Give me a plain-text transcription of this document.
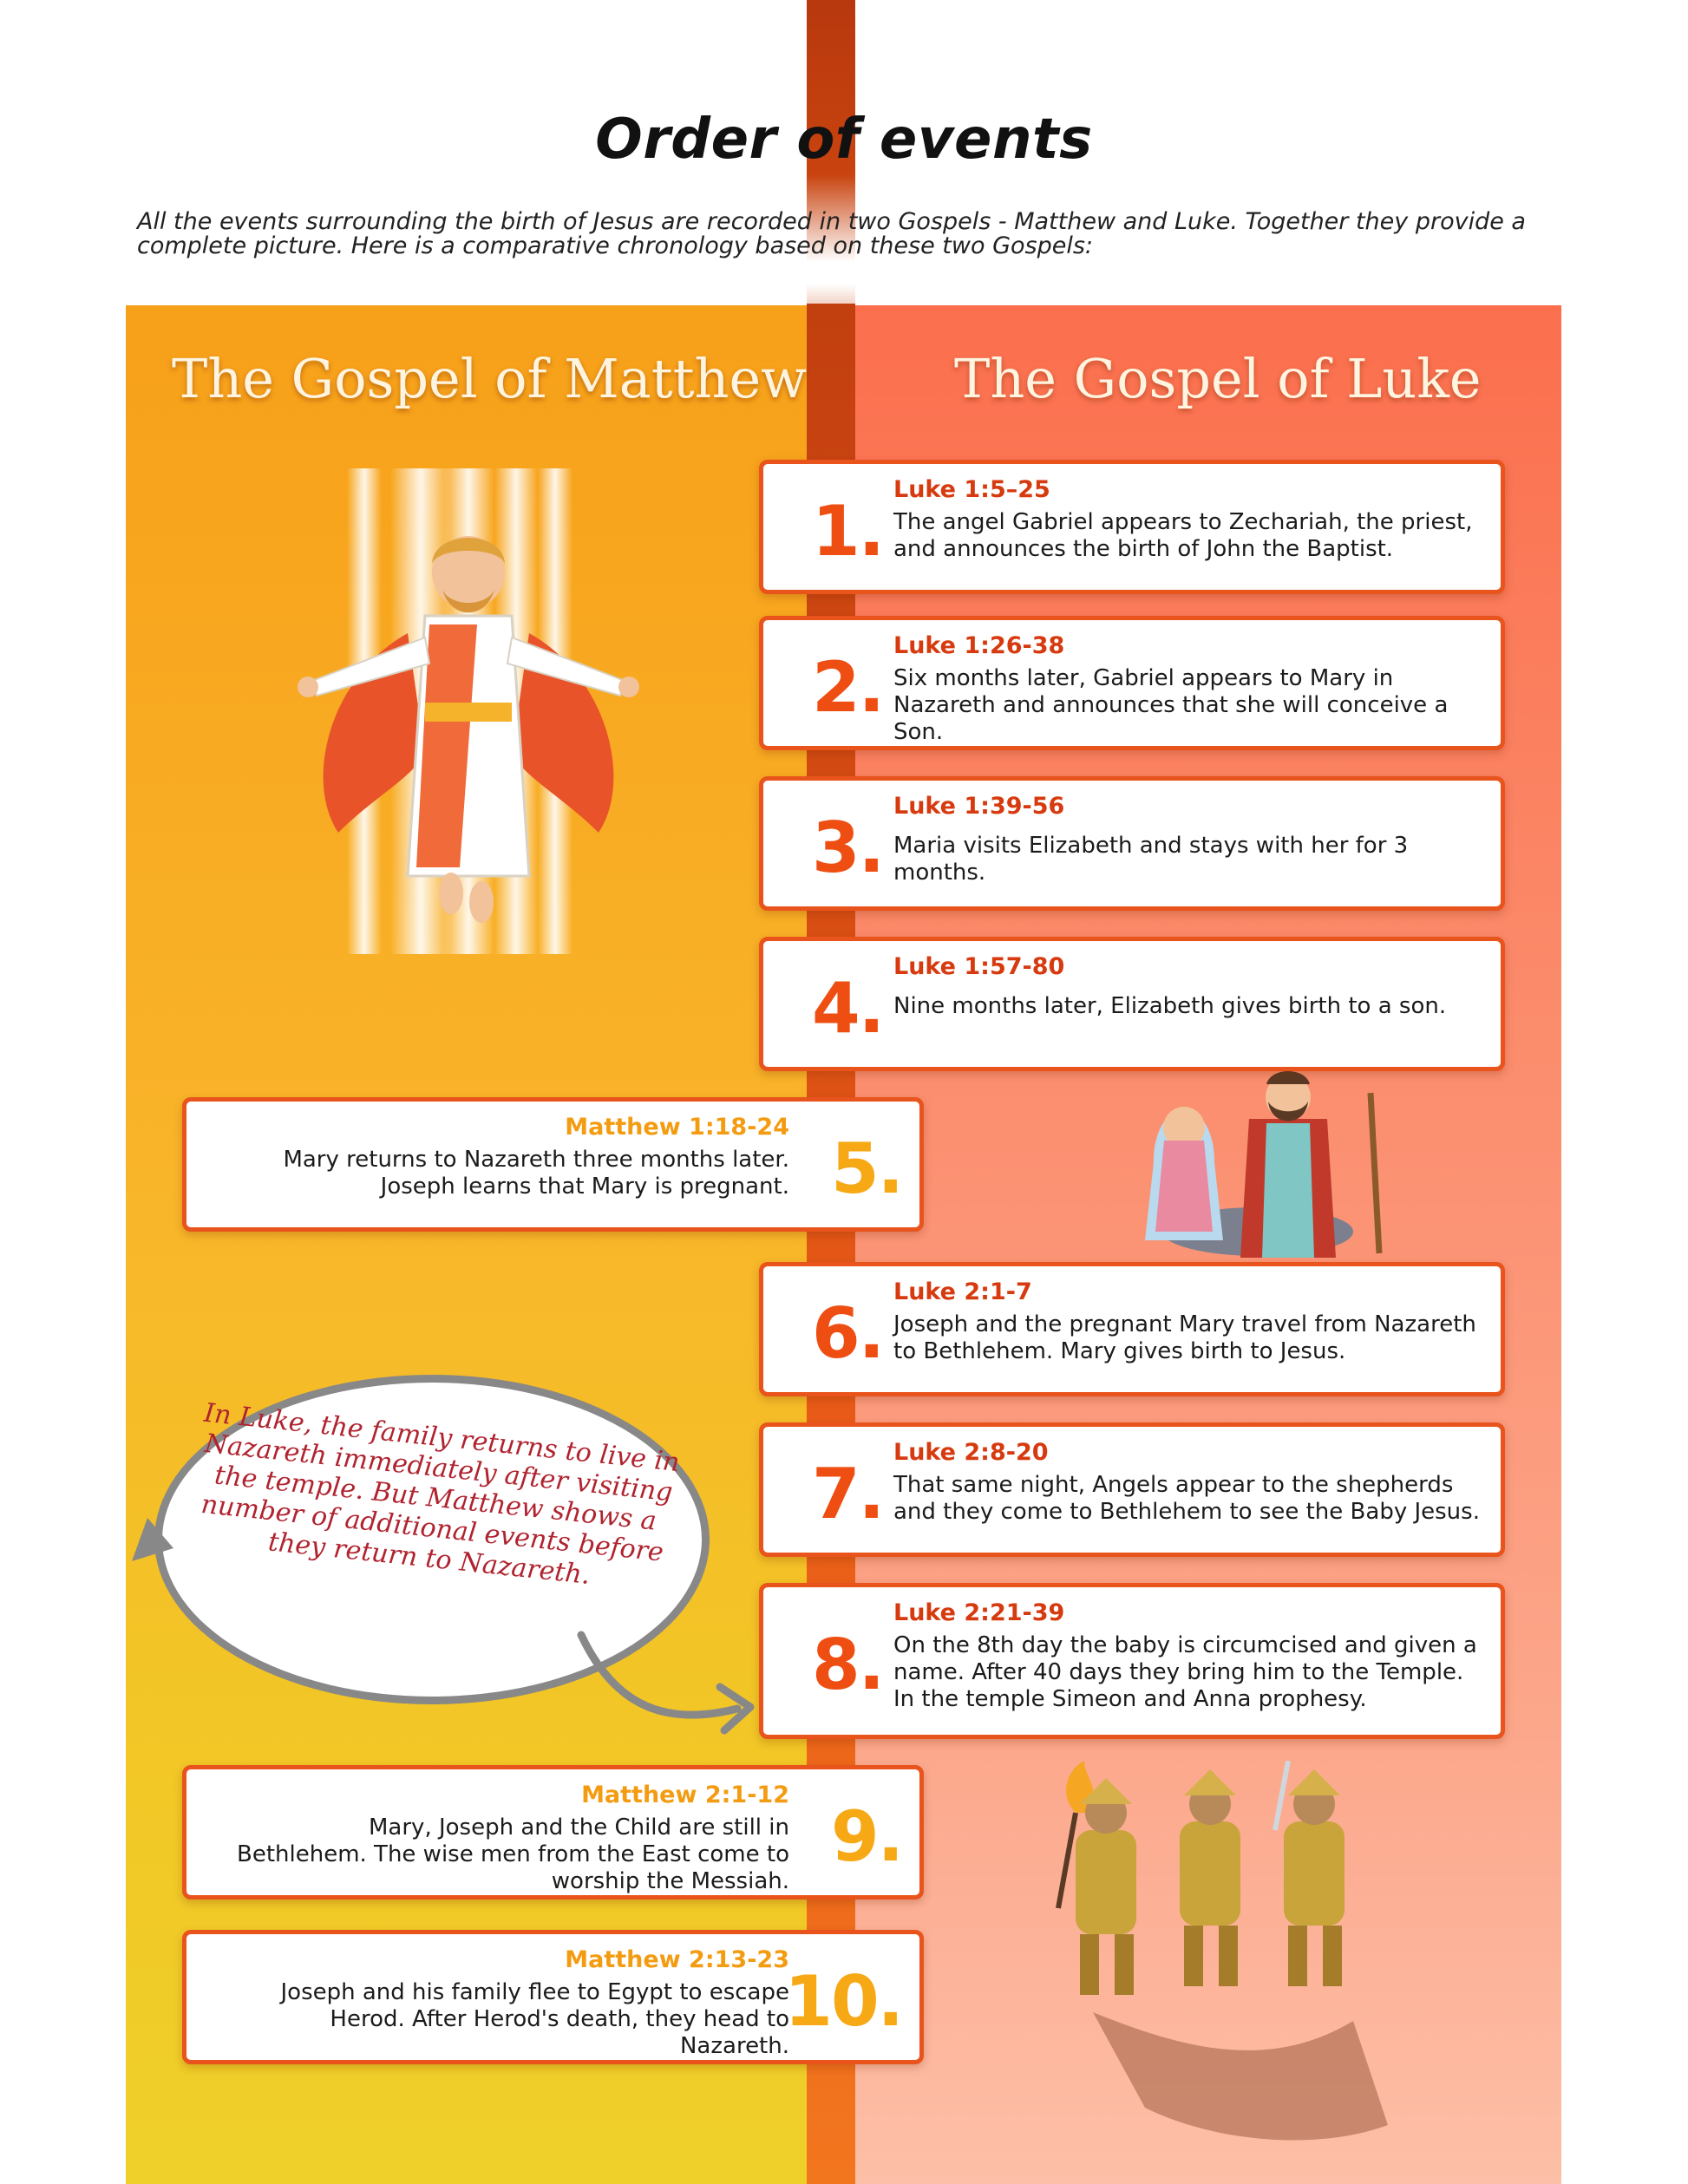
Order of events

All the events surrounding the birth of Jesus are recorded in two Gospels - Matthew and Luke. Together they provide a complete picture. Here is a comparative chronology based on these two Gospels:

The Gospel of Matthew	The Gospel of Luke
1.
Luke 1:5–25
The angel Gabriel appears to Zechariah, the priest, and announces the birth of John the Baptist.
2.
Luke 1:26-38
Six months later, Gabriel appears to Mary in Nazareth and announces that she will conceive a Son.
3.
Luke 1:39-56
Maria visits Elizabeth and stays with her for 3 months.
4.
Luke 1:57-80
Nine months later, Elizabeth gives birth to a son.
5.
Matthew 1:18-24
Mary returns to Nazareth three months later. Joseph learns that Mary is pregnant.
6.
Luke 2:1-7
Joseph and the pregnant Mary travel from Nazareth to Bethlehem. Mary gives birth to Jesus.
7.
Luke 2:8-20
That same night, Angels appear to the shepherds and they come to Bethlehem to see the Baby Jesus.
8.
Luke 2:21-39
On the 8th day the baby is circumcised and given a name. After 40 days they bring him to the Temple. In the temple Simeon and Anna prophesy.
9.
Matthew 2:1-12
Mary, Joseph and the Child are still in Bethlehem. The wise men from the East come to worship the Messiah.
10.
Matthew 2:13-23
Joseph and his family flee to Egypt to escape Herod. After Herod's death, they head to Nazareth.
In Luke, the family returns to live in Nazareth immediately after visiting the temple. But Matthew shows a number of additional events before they return to Nazareth.
